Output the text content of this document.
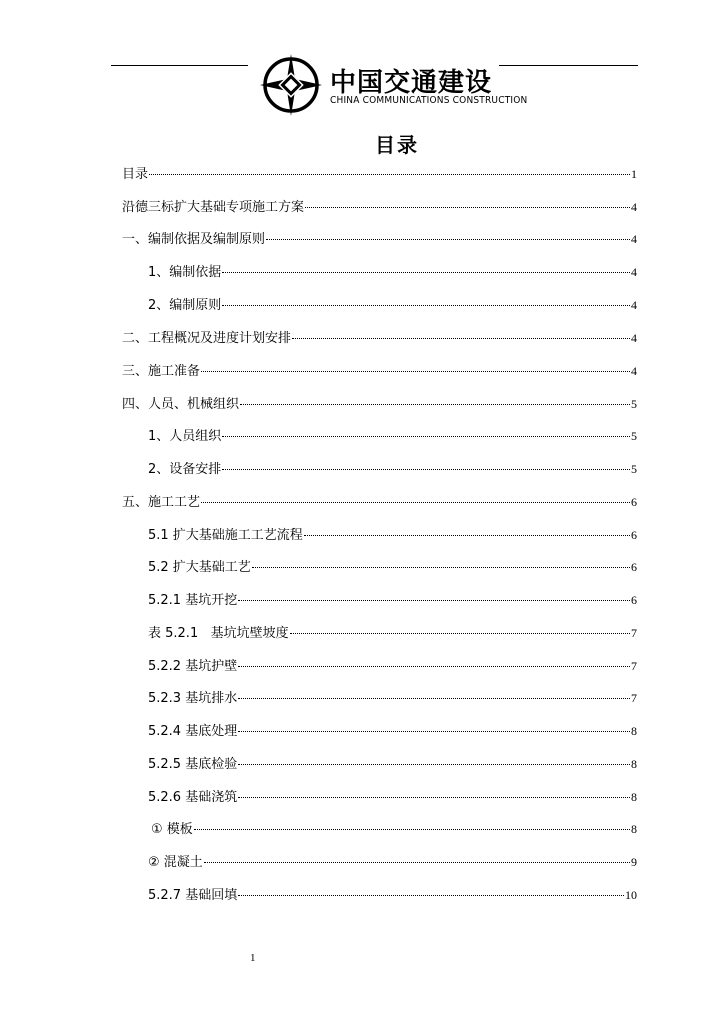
中国交通建设
CHINA COMMUNICATIONS CONSTRUCTION
目录
目录	1
沿德三标扩大基础专项施工方案	4
一、编制依据及编制原则	4
1、编制依据	4
2、编制原则	4
二、工程概况及进度计划安排	4
三、施工准备	4
四、人员、机械组织	5
1、人员组织	5
2、设备安排	5
五、施工工艺	6
5.1 扩大基础施工工艺流程	6
5.2 扩大基础工艺	6
5.2.1 基坑开挖	6
表 5.2.1   基坑坑壁坡度	7
5.2.2 基坑护壁	7
5.2.3 基坑排水	7
5.2.4 基底处理	8
5.2.5 基底检验	8
5.2.6 基础浇筑	8
① 模板	8
② 混凝土	9
5.2.7 基础回填	10
1
